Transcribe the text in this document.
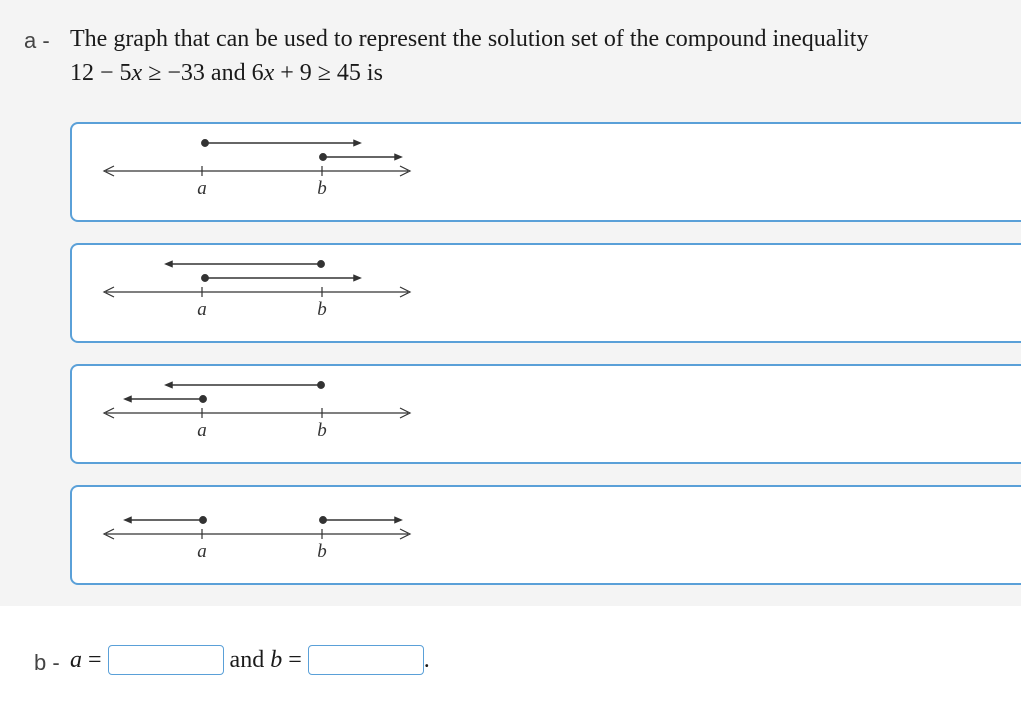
a - The graph that can be used to represent the solution set of the compound inequality
12 − 5x ≥ −33 and 6x + 9 ≥ 45 is
a	b
a	b
a	b
a	b
b - a =	and b =	.
